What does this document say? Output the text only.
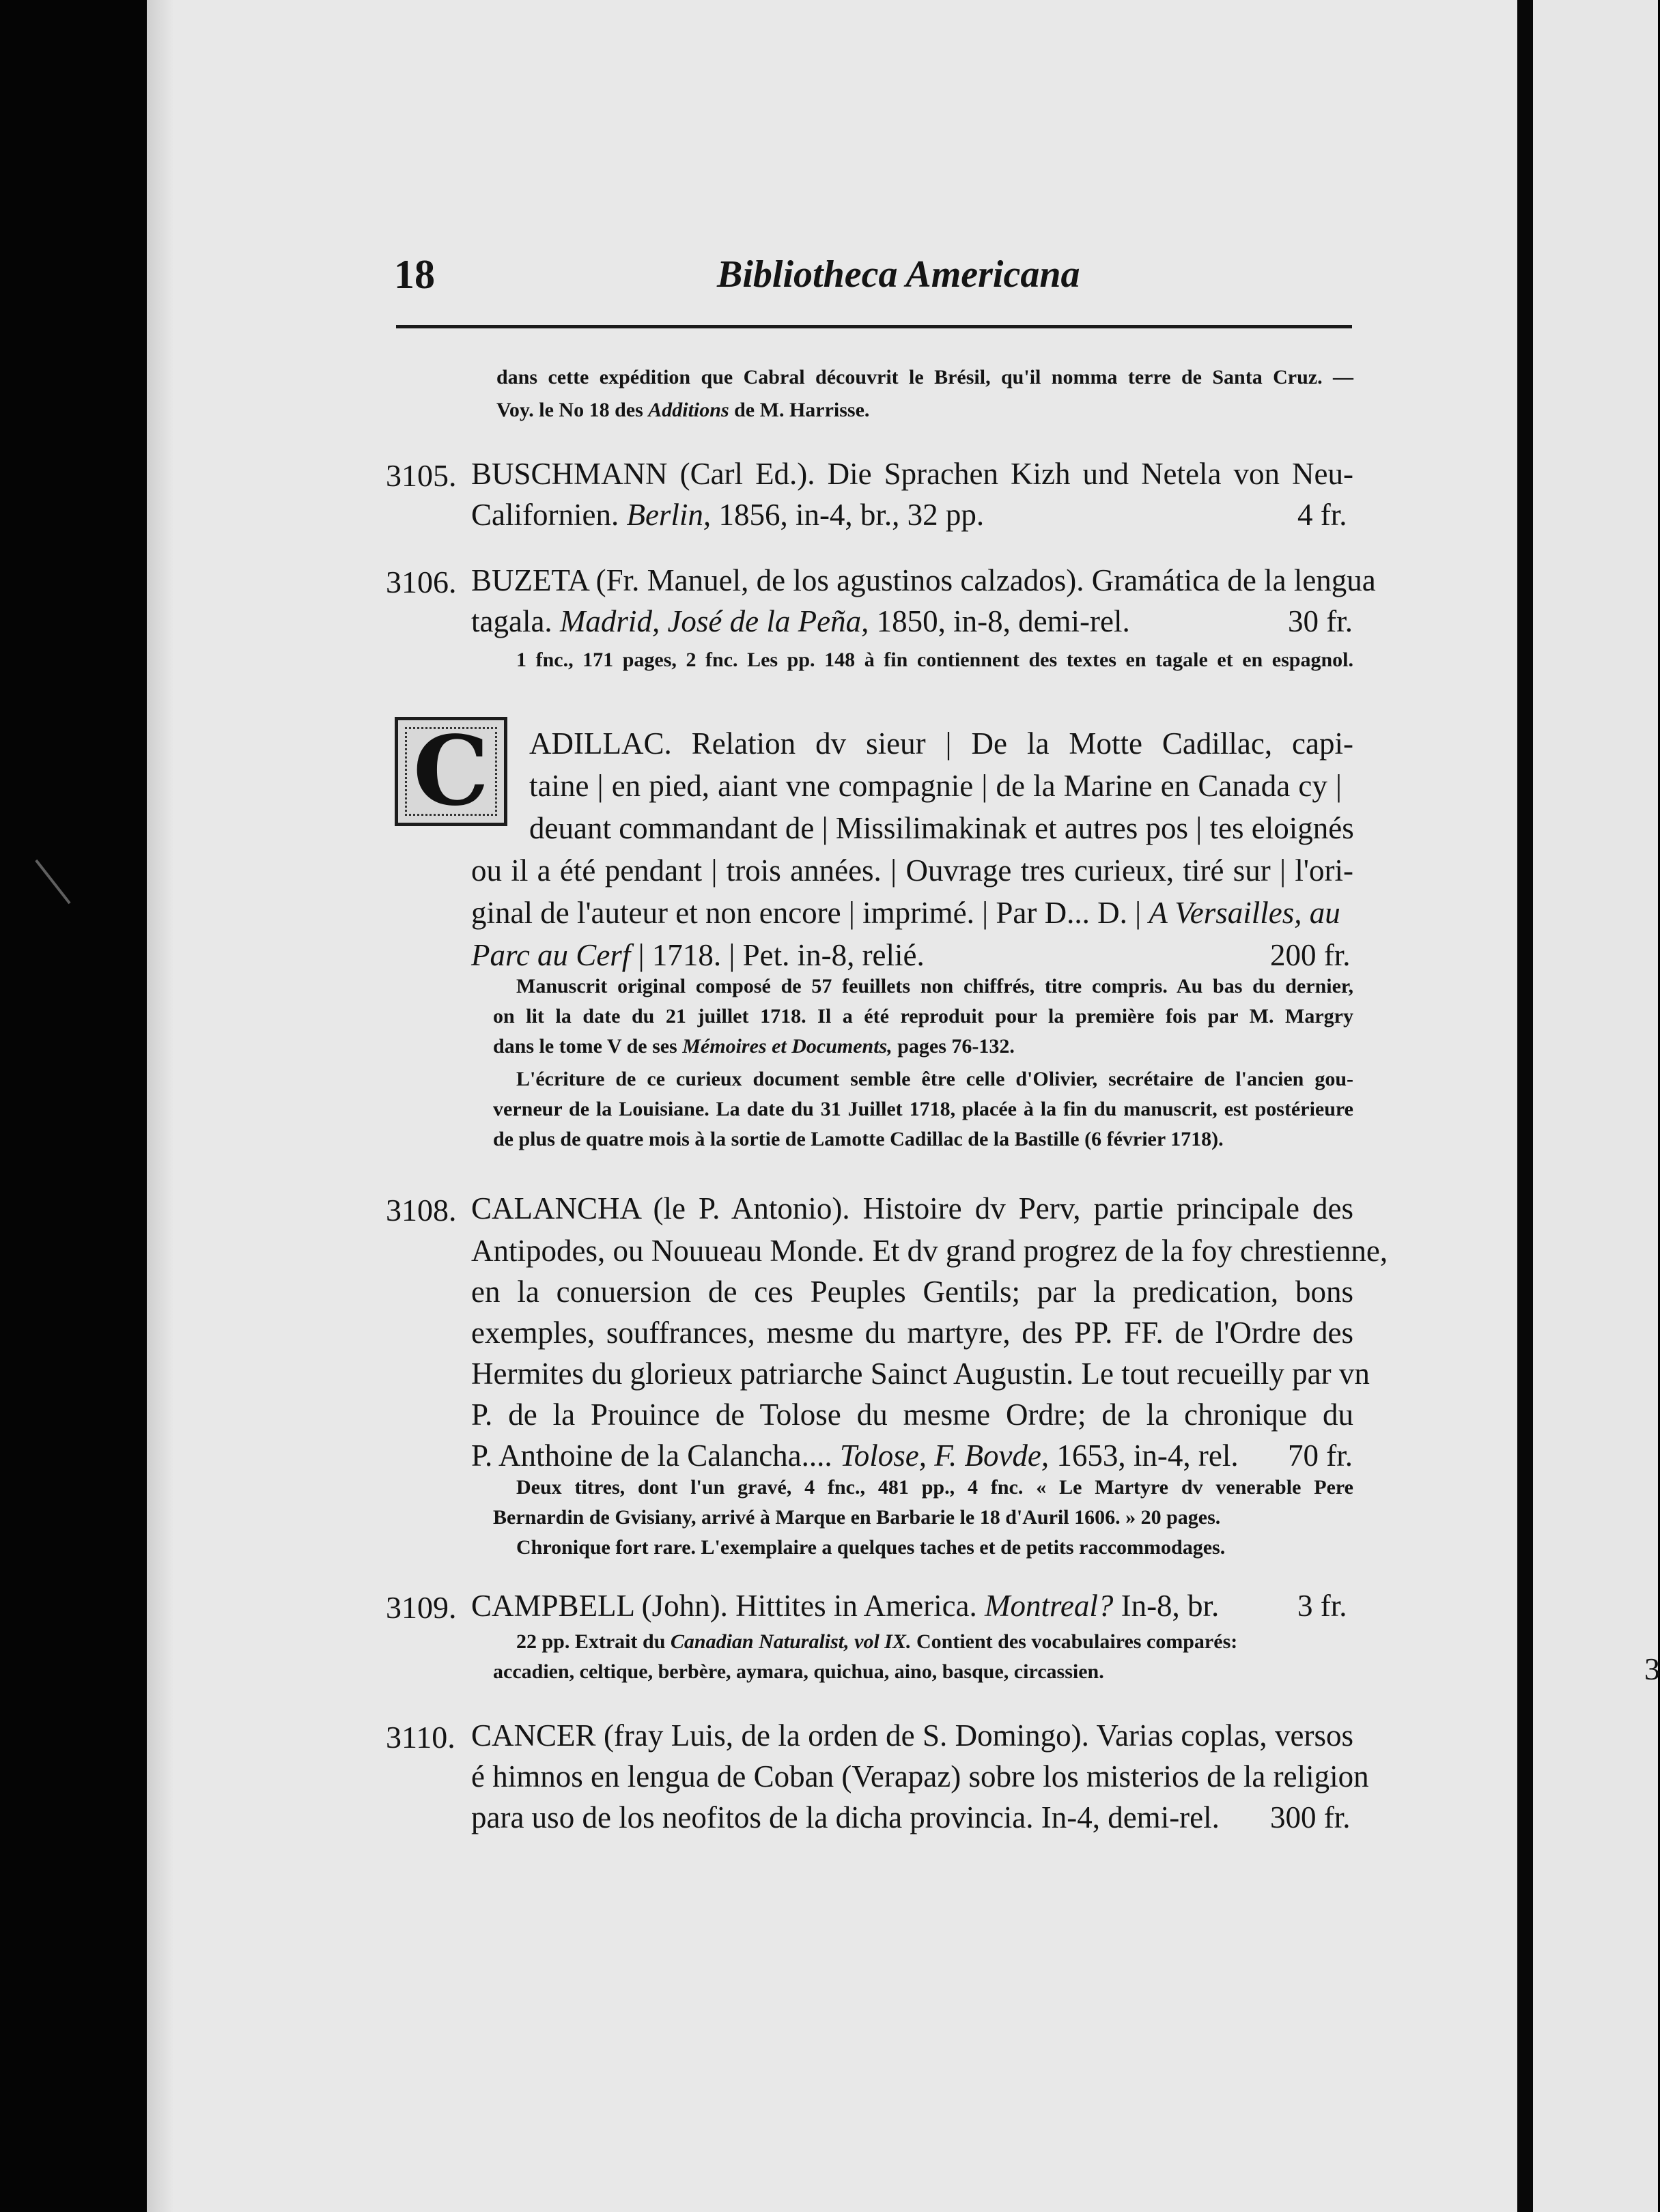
3
18	Bibliotheca Americana
dans cette expédition que Cabral découvrit le Brésil, qu'il nomma terre de Santa Cruz. —
Voy. le No 18 des Additions de M. Harrisse.
3105. BUSCHMANN (Carl Ed.). Die Sprachen Kizh und Netela von Neu-
Californien. Berlin, 1856, in-4, br., 32 pp.	4 fr.
3106. BUZETA (Fr. Manuel, de los agustinos calzados). Gramática de la lengua
tagala. Madrid, José de la Peña, 1850, in-8, demi-rel.	30 fr.
1 fnc., 171 pages, 2 fnc. Les pp. 148 à fin contiennent des textes en tagale et en espagnol.
C	ADILLAC. Relation dv sieur | De la Motte Cadillac, capi-
taine | en pied, aiant vne compagnie | de la Marine en Canada cy |
deuant commandant de | Missilimakinak et autres pos | tes eloignés
ou il a été pendant | trois années. | Ouvrage tres curieux, tiré sur | l'ori-
ginal de l'auteur et non encore | imprimé. | Par D... D. | A Versailles, au
Parc au Cerf | 1718. | Pet. in-8, relié.	200 fr.
Manuscrit original composé de 57 feuillets non chiffrés, titre compris. Au bas du dernier,
on lit la date du 21 juillet 1718. Il a été reproduit pour la première fois par M. Margry
dans le tome V de ses Mémoires et Documents, pages 76-132.
L'écriture de ce curieux document semble être celle d'Olivier, secrétaire de l'ancien gou-
verneur de la Louisiane. La date du 31 Juillet 1718, placée à la fin du manuscrit, est postérieure
de plus de quatre mois à la sortie de Lamotte Cadillac de la Bastille (6 février 1718).
3108. CALANCHA (le P. Antonio). Histoire dv Perv, partie principale des
Antipodes, ou Nouueau Monde. Et dv grand progrez de la foy chrestienne,
en la conuersion de ces Peuples Gentils; par la predication, bons
exemples, souffrances, mesme du martyre, des PP. FF. de l'Ordre des
Hermites du glorieux patriarche Sainct Augustin. Le tout recueilly par vn
P. de la Prouince de Tolose du mesme Ordre; de la chronique du
P. Anthoine de la Calancha.... Tolose, F. Bovde, 1653, in-4, rel. 70 fr.
Deux titres, dont l'un gravé, 4 fnc., 481 pp., 4 fnc. « Le Martyre dv venerable Pere
Bernardin de Gvisiany, arrivé à Marque en Barbarie le 18 d'Auril 1606. » 20 pages.
Chronique fort rare. L'exemplaire a quelques taches et de petits raccommodages.
3109. CAMPBELL (John). Hittites in America. Montreal? In-8, br.	3 fr.
22 pp. Extrait du Canadian Naturalist, vol IX. Contient des vocabulaires comparés:
accadien, celtique, berbère, aymara, quichua, aino, basque, circassien.
3110. CANCER (fray Luis, de la orden de S. Domingo). Varias coplas, versos
é himnos en lengua de Coban (Verapaz) sobre los misterios de la religion
para uso de los neofitos de la dicha provincia. In-4, demi-rel. 300 fr.
